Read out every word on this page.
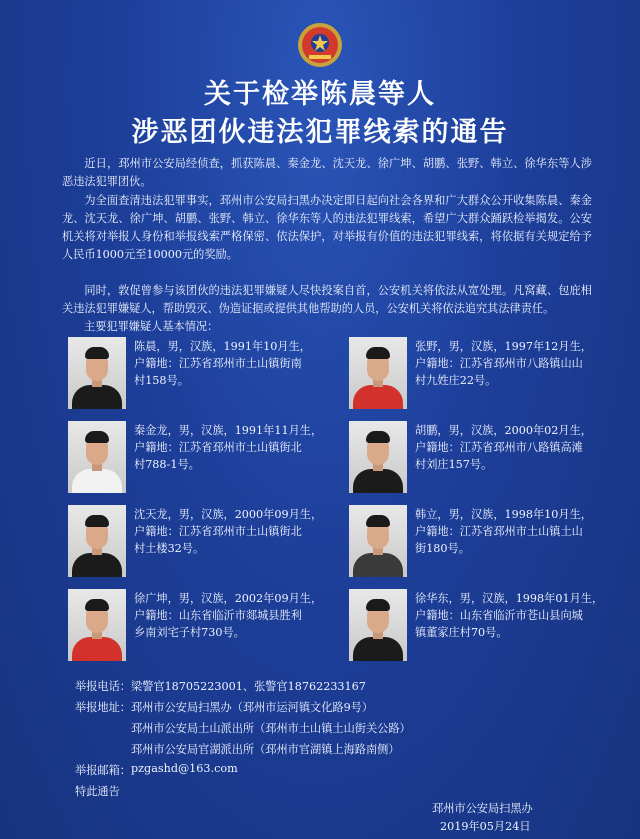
关于检举陈晨等人
涉恶团伙违法犯罪线索的通告
近日，邳州市公安局经侦查，抓获陈晨、秦金龙、沈天龙、徐广坤、胡鹏、张野、韩立、徐华东等人涉恶违法犯罪团伙。
为全面查清违法犯罪事实，邳州市公安局扫黑办决定即日起向社会各界和广大群众公开收集陈晨、秦金龙、沈天龙、徐广坤、胡鹏、张野、韩立、徐华东等人的违法犯罪线索，希望广大群众踊跃检举揭发。公安机关将对举报人身份和举报线索严格保密、依法保护，对举报有价值的违法犯罪线索，将依据有关规定给予人民币1000元至10000元的奖励。
同时，敦促曾参与该团伙的违法犯罪嫌疑人尽快投案自首，公安机关将依法从宽处理。凡窝藏、包庇相关违法犯罪嫌疑人，帮助毁灭、伪造证据或提供其他帮助的人员，公安机关将依法追究其法律责任。
主要犯罪嫌疑人基本情况：
陈晨，男，汉族，1991年10月生，
户籍地：江苏省邳州市土山镇街南
村158号。
张野，男，汉族，1997年12月生，
户籍地：江苏省邳州市八路镇山山
村九姓庄22号。
秦金龙，男，汉族，1991年11月生，
户籍地：江苏省邳州市土山镇街北
村788-1号。
胡鹏，男，汉族，2000年02月生，
户籍地：江苏省邳州市八路镇高滩
村刘庄157号。
沈天龙，男，汉族，2000年09月生，
户籍地：江苏省邳州市土山镇街北
村土楼32号。
韩立，男，汉族，1998年10月生，
户籍地：江苏省邳州市土山镇土山
街180号。
徐广坤，男，汉族，2002年09月生，
户籍地：山东省临沂市郯城县胜利
乡南刘宅子村730号。
徐华东，男，汉族，1998年01月生，
户籍地：山东省临沂市苍山县向城
镇董家庄村70号。
举报电话： 梁警官18705223001、张警官18762233167
举报地址： 邳州市公安局扫黑办（邳州市运河镇文化路9号）
邳州市公安局土山派出所（邳州市土山镇土山街关公路）
邳州市公安局官湖派出所（邳州市官湖镇上海路南侧）
举报邮箱： pzgashd@163.com
特此通告
邳州市公安局扫黑办
2019年05月24日
